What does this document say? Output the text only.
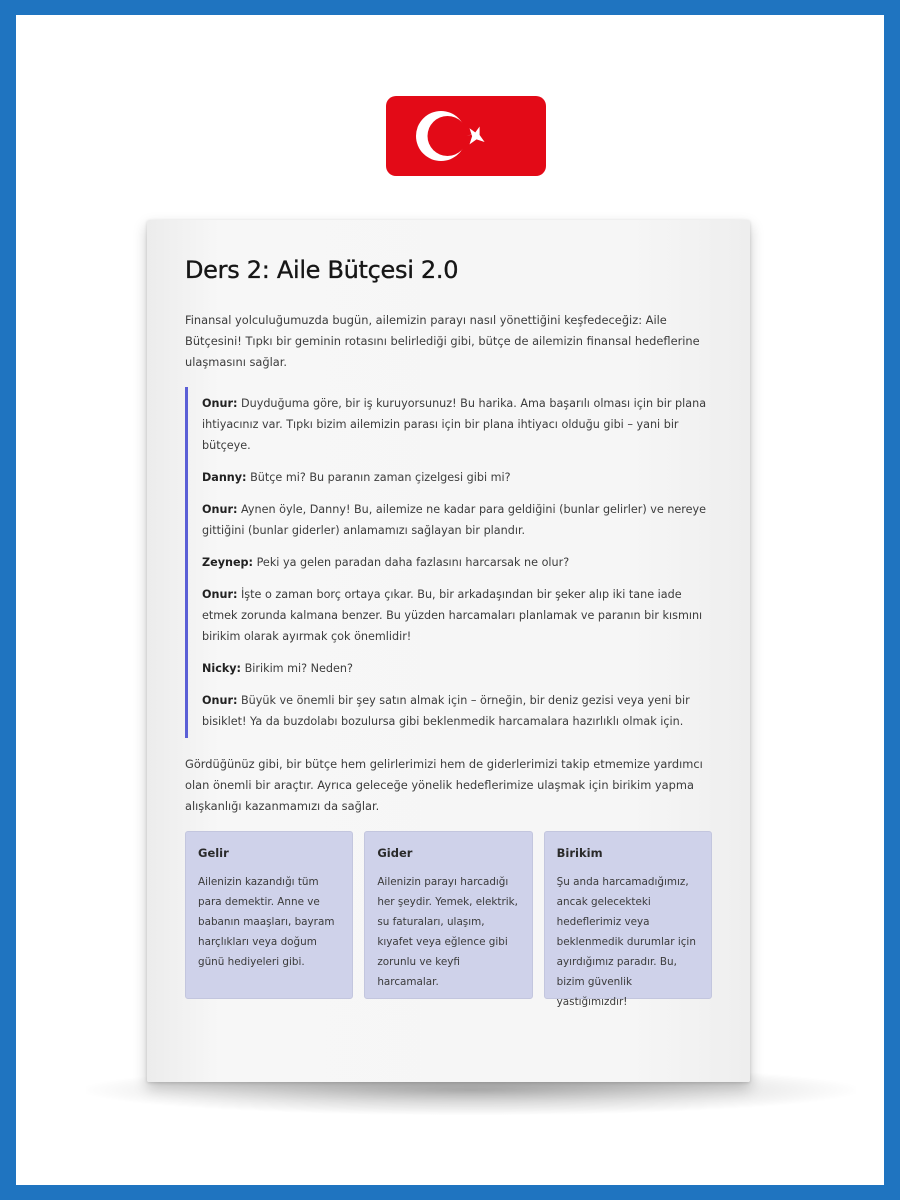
Ders 2: Aile Bütçesi 2.0

Finansal yolculuğumuzda bugün, ailemizin parayı nasıl yönettiğini keşfedeceğiz: Aile Bütçesini! Tıpkı bir geminin rotasını belirlediği gibi, bütçe de ailemizin finansal hedeflerine ulaşmasını sağlar.

Onur: Duyduğuma göre, bir iş kuruyorsunuz! Bu harika. Ama başarılı olması için bir plana ihtiyacınız var. Tıpkı bizim ailemizin parası için bir plana ihtiyacı olduğu gibi – yani bir bütçeye.

Danny: Bütçe mi? Bu paranın zaman çizelgesi gibi mi?

Onur: Aynen öyle, Danny! Bu, ailemize ne kadar para geldiğini (bunlar gelirler) ve nereye gittiğini (bunlar giderler) anlamamızı sağlayan bir plandır.

Zeynep: Peki ya gelen paradan daha fazlasını harcarsak ne olur?

Onur: İşte o zaman borç ortaya çıkar. Bu, bir arkadaşından bir şeker alıp iki tane iade etmek zorunda kalmana benzer. Bu yüzden harcamaları planlamak ve paranın bir kısmını birikim olarak ayırmak çok önemlidir!

Nicky: Birikim mi? Neden?

Onur: Büyük ve önemli bir şey satın almak için – örneğin, bir deniz gezisi veya yeni bir bisiklet! Ya da buzdolabı bozulursa gibi beklenmedik harcamalara hazırlıklı olmak için.

Gördüğünüz gibi, bir bütçe hem gelirlerimizi hem de giderlerimizi takip etmemize yardımcı olan önemli bir araçtır. Ayrıca geleceğe yönelik hedeflerimize ulaşmak için birikim yapma alışkanlığı kazanmamızı da sağlar.

Gelir

Ailenizin kazandığı tüm para demektir. Anne ve babanın maaşları, bayram harçlıkları veya doğum günü hediyeleri gibi.

Gider

Ailenizin parayı harcadığı her şeydir. Yemek, elektrik, su faturaları, ulaşım, kıyafet veya eğlence gibi zorunlu ve keyfi harcamalar.

Birikim

Şu anda harcamadığımız, ancak gelecekteki hedeflerimiz veya beklenmedik durumlar için ayırdığımız paradır. Bu, bizim güvenlik yastığımızdır!
